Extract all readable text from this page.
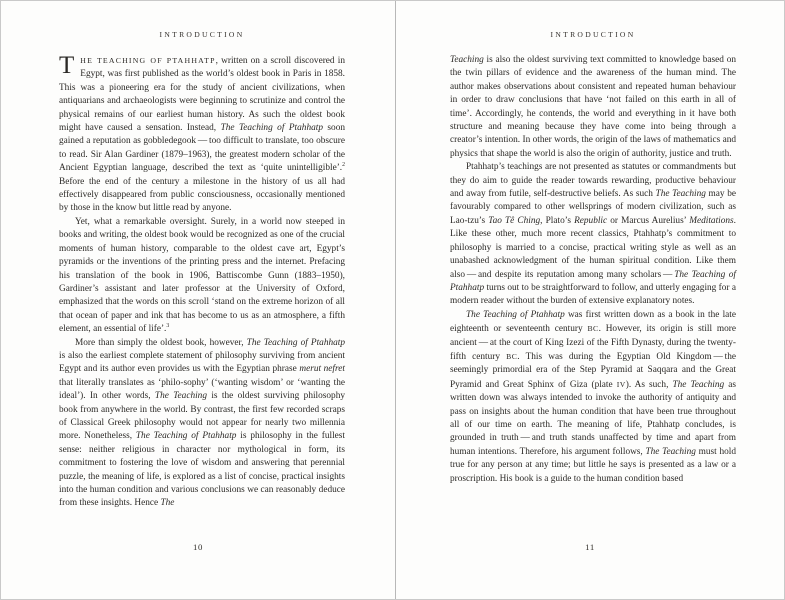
INTRODUCTION

THE TEACHING OF PTAHHATP, written on a scroll discovered in Egypt, was first published as the world’s oldest book in Paris in 1858. This was a pioneering era for the study of ancient civilizations, when antiquarians and archaeologists were beginning to scrutinize and control the physical remains of our earliest human history. As such the oldest book might have caused a sensation. Instead, The Teaching of Ptahhatp soon gained a reputation as gobbledegook — too difficult to translate, too obscure to read. Sir Alan Gardiner (1879–1963), the greatest modern scholar of the Ancient Egyptian language, described the text as ‘quite unintelligible’.$^2$ Before the end of the century a milestone in the history of us all had effectively disappeared from public consciousness, occasionally mentioned by those in the know but little read by anyone.

Yet, what a remarkable oversight. Surely, in a world now steeped in books and writing, the oldest book would be recognized as one of the crucial moments of human history, comparable to the oldest cave art, Egypt’s pyramids or the inventions of the printing press and the internet. Prefacing his translation of the book in 1906, Battiscombe Gunn (1883–1950), Gardiner’s assistant and later professor at the University of Oxford, emphasized that the words on this scroll ‘stand on the extreme horizon of all that ocean of paper and ink that has become to us as an atmosphere, a fifth element, an essential of life’.$^3$

More than simply the oldest book, however, The Teaching of Ptahhatp is also the earliest complete statement of philosophy surviving from ancient Egypt and its author even provides us with the Egyptian phrase merut nefret that literally translates as ‘philo-sophy’ (‘wanting wisdom’ or ‘wanting the ideal’). In other words, The Teaching is the oldest surviving philosophy book from anywhere in the world. By contrast, the first few recorded scraps of Classical Greek philosophy would not appear for nearly two millennia more. Nonetheless, The Teaching of Ptahhatp is philosophy in the fullest sense: neither religious in character nor mythological in form, its commitment to fostering the love of wisdom and answering that perennial puzzle, the meaning of life, is explored as a list of concise, practical insights into the human condition and various conclusions we can reasonably deduce from these insights. Hence The

10
INTRODUCTION

Teaching is also the oldest surviving text committed to knowledge based on the twin pillars of evidence and the awareness of the human mind. The author makes observations about consistent and repeated human behaviour in order to draw conclusions that have ‘not failed on this earth in all of time’. Accordingly, he contends, the world and everything in it have both structure and meaning because they have come into being through a creator’s intention. In other words, the origin of the laws of mathematics and physics that shape the world is also the origin of authority, justice and truth.

Ptahhatp’s teachings are not presented as statutes or commandments but they do aim to guide the reader towards rewarding, productive behaviour and away from futile, self-destructive beliefs. As such The Teaching may be favourably compared to other wellsprings of modern civilization, such as Lao-tzu’s Tao Tê Ching, Plato’s Republic or Marcus Aurelius’ Meditations. Like these other, much more recent classics, Ptahhatp’s commitment to philosophy is married to a concise, practical writing style as well as an unabashed acknowledgment of the human spiritual condition. Like them also — and despite its reputation among many scholars — The Teaching of Ptahhatp turns out to be straightforward to follow, and utterly engaging for a modern reader without the burden of extensive explanatory notes.

The Teaching of Ptahhatp was first written down as a book in the late eighteenth or seventeenth century BC. However, its origin is still more ancient — at the court of King Izezi of the Fifth Dynasty, during the twenty-fifth century BC. This was during the Egyptian Old Kingdom — the seemingly primordial era of the Step Pyramid at Saqqara and the Great Pyramid and Great Sphinx of Giza (plate IV). As such, The Teaching as written down was always intended to invoke the authority of antiquity and pass on insights about the human condition that have been true throughout all of our time on earth. The meaning of life, Ptahhatp concludes, is grounded in truth — and truth stands unaffected by time and apart from human intentions. Therefore, his argument follows, The Teaching must hold true for any person at any time; but little he says is presented as a law or a proscription. His book is a guide to the human condition based

11
